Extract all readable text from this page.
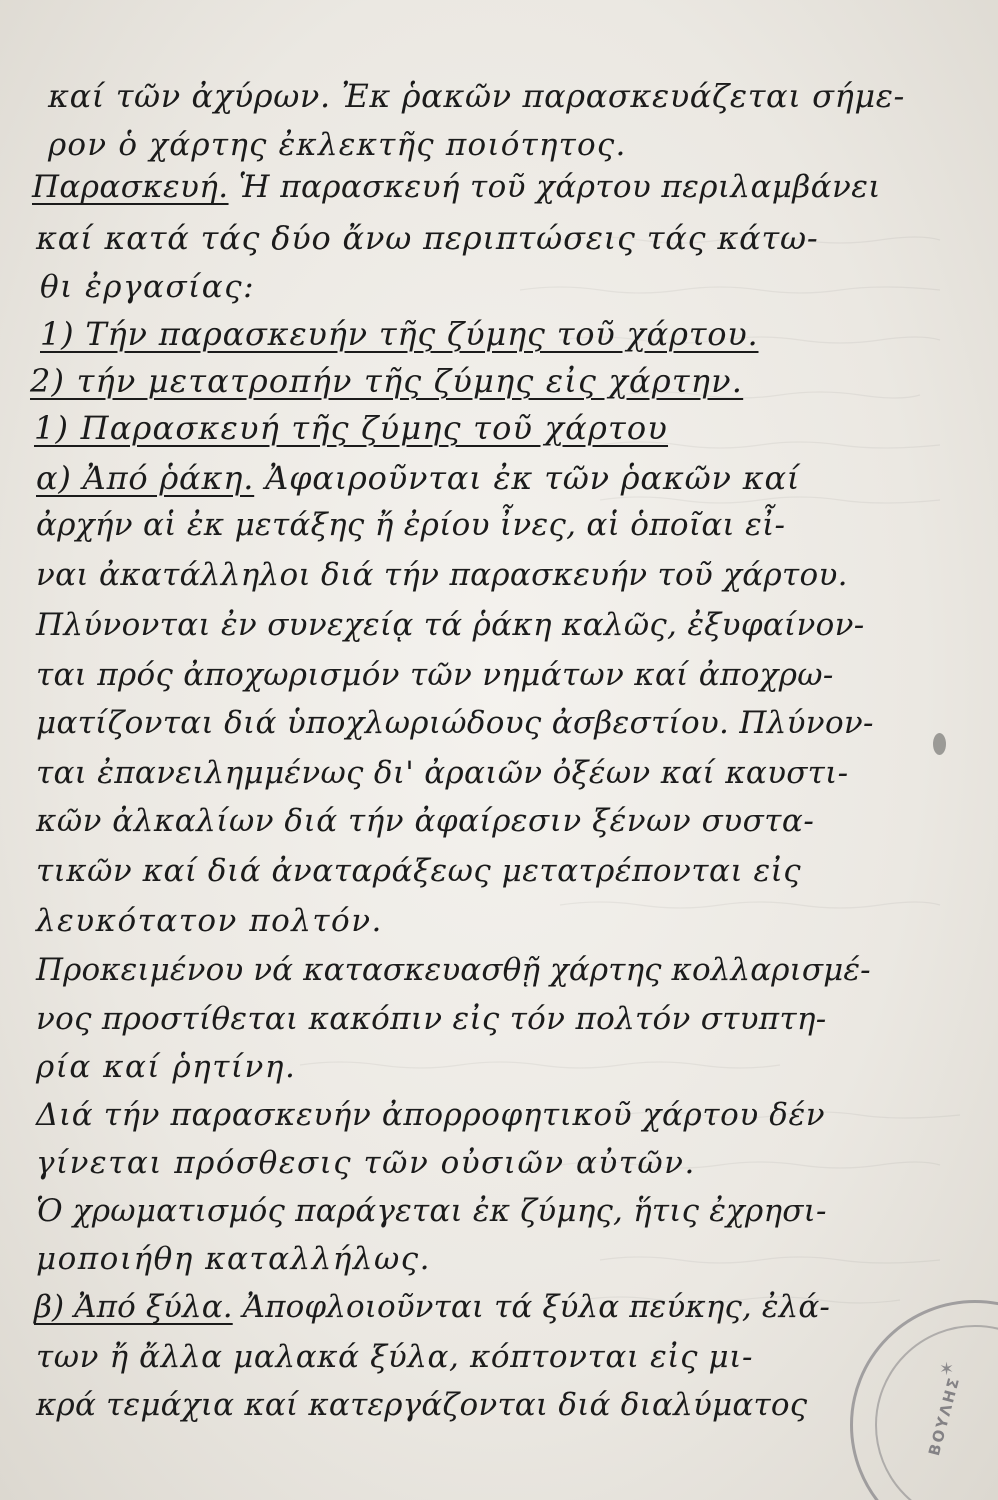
καί τῶν ἀχύρων. Ἐκ ῥακῶν παρασκευάζεται σήμε-
ρον ὁ χάρτης ἐκλεκτῆς ποιότητος.
Παρασκευή. Ἡ παρασκευή τοῦ χάρτου περιλαμβάνει
καί κατά τάς δύο ἄνω περιπτώσεις τάς κάτω-
θι ἐργασίας:
1) Τήν παρασκευήν τῆς ζύμης τοῦ χάρτου.
2) τήν μετατροπήν τῆς ζύμης εἰς χάρτην.
1) Παρασκευή τῆς ζύμης τοῦ χάρτου
α) Ἀπό ῥάκη. Ἀφαιροῦνται ἐκ τῶν ῥακῶν καί
ἀρχήν αἱ ἐκ μετάξης ἤ ἐρίου ἶνες, αἱ ὁποῖαι εἶ-
ναι ἀκατάλληλοι διά τήν παρασκευήν τοῦ χάρτου.
Πλύνονται ἐν συνεχείᾳ τά ῥάκη καλῶς, ἐξυφαίνον-
ται πρός ἀποχωρισμόν τῶν νημάτων καί ἀποχρω-
ματίζονται διά ὑποχλωριώδους ἀσβεστίου. Πλύνον-
ται ἐπανειλημμένως δι' ἀραιῶν ὀξέων καί καυστι-
κῶν ἀλκαλίων διά τήν ἀφαίρεσιν ξένων συστα-
τικῶν καί διά ἀναταράξεως μετατρέπονται εἰς
λευκότατον πολτόν.
Προκειμένου νά κατασκευασθῇ χάρτης κολλαρισμέ-
νος προστίθεται κακόπιν εἰς τόν πολτόν στυπτη-
ρία καί ῥητίνη.
Διά τήν παρασκευήν ἀπορροφητικοῦ χάρτου δέν
γίνεται πρόσθεσις τῶν οὐσιῶν αὐτῶν.
Ὁ χρωματισμός παράγεται ἐκ ζύμης, ἥτις ἐχρησι-
μοποιήθη καταλλήλως.
β) Ἀπό ξύλα. Ἀποφλοιοῦνται τά ξύλα πεύκης, ἐλά-
των ἤ ἄλλα μαλακά ξύλα, κόπτονται εἰς μι-
κρά τεμάχια καί κατεργάζονται διά διαλύματος
✶
ΒΟΥΛΗΣ
